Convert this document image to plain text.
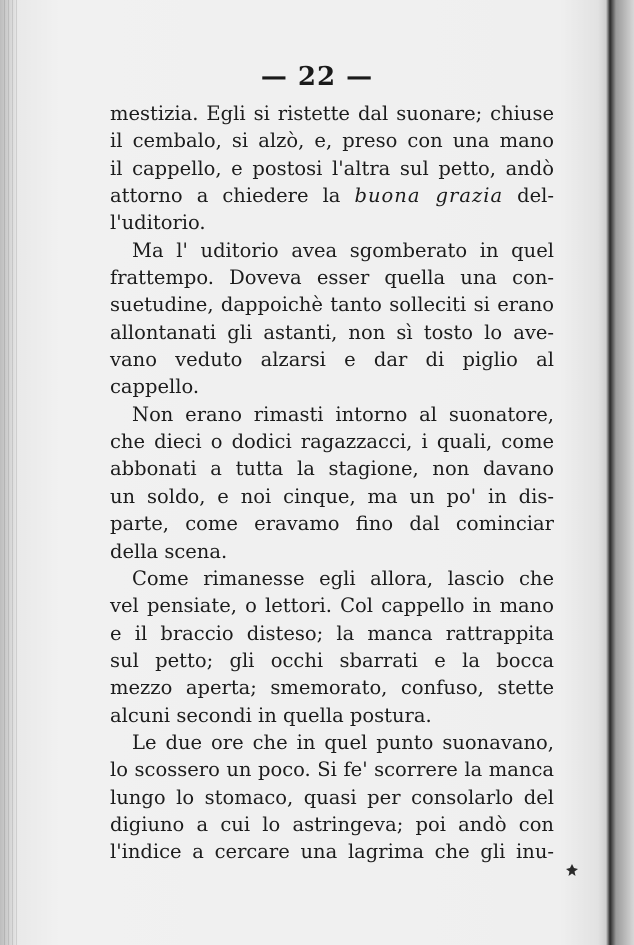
— 22 —
mestizia. Egli si ristette dal suonare; chiuse
il cembalo, si alzò, e, preso con una mano
il cappello, e postosi l'altra sul petto, andò
attorno a chiedere la buona grazia del-
l'uditorio.
Ma l' uditorio avea sgomberato in quel
frattempo. Doveva esser quella una con-
suetudine, dappoichè tanto solleciti si erano
allontanati gli astanti, non sì tosto lo ave-
vano veduto alzarsi e dar di piglio al
cappello.
Non erano rimasti intorno al suonatore,
che dieci o dodici ragazzacci, i quali, come
abbonati a tutta la stagione, non davano
un soldo, e noi cinque, ma un po' in dis-
parte, come eravamo fino dal cominciar
della scena.
Come rimanesse egli allora, lascio che
vel pensiate, o lettori. Col cappello in mano
e il braccio disteso; la manca rattrappita
sul petto; gli occhi sbarrati e la bocca
mezzo aperta; smemorato, confuso, stette
alcuni secondi in quella postura.
Le due ore che in quel punto suonavano,
lo scossero un poco. Si fe' scorrere la manca
lungo lo stomaco, quasi per consolarlo del
digiuno a cui lo astringeva; poi andò con
l'indice a cercare una lagrima che gli inu-
